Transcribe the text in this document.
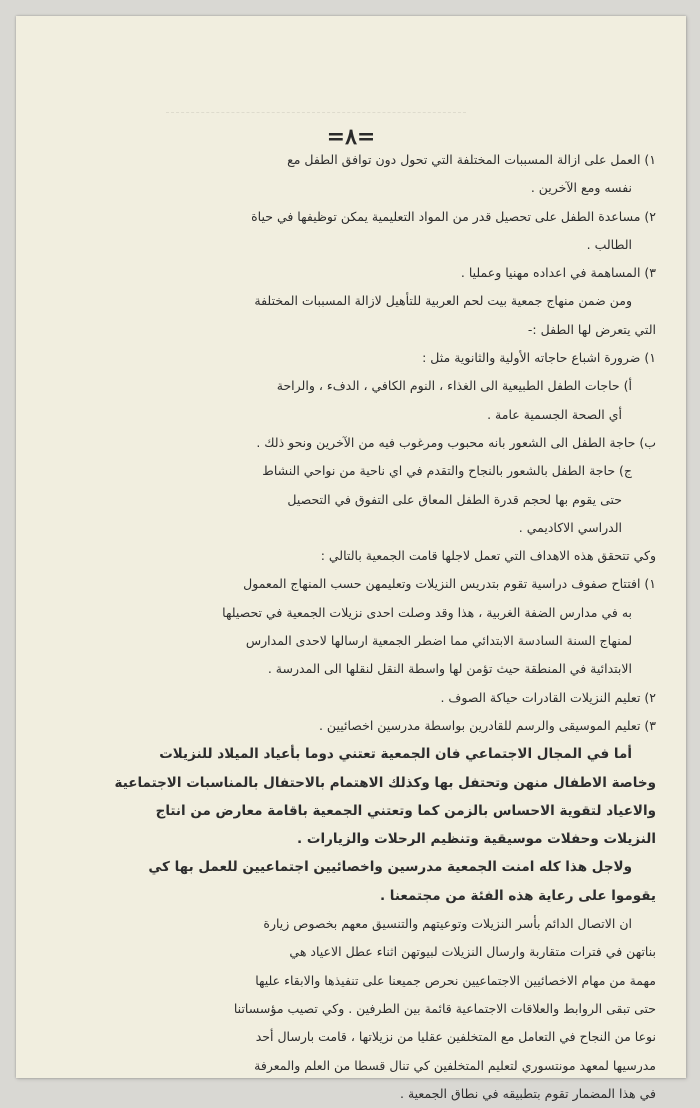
=٨=
١) العمل على ازالة المسببات المختلفة التي تحول دون توافق الطفل مع
نفسه ومع الآخرين .
٢) مساعدة الطفل على تحصيل قدر من المواد التعليمية يمكن توظيفها في حياة
الطالب .
٣) المساهمة في اعداده مهنيا وعمليا .
ومن ضمن منهاج جمعية بيت لحم العربية للتأهيل لازالة المسببات المختلفة
التي يتعرض لها الطفل :-
١) ضرورة اشباع حاجاته الأولية والثانوية مثل :
أ) حاجات الطفل الطبيعية الى الغذاء ، النوم الكافي ، الدفء ، والراحة
أي الصحة الجسمية عامة .
ب) حاجة الطفل الى الشعور بانه محبوب ومرغوب فيه من الآخرين ونحو ذلك .
ج) حاجة الطفل بالشعور بالنجاح والتقدم في اي ناحية من نواحي النشاط
حتى يقوم بها لحجم قدرة الطفل المعاق على التفوق في التحصيل
الدراسي الاكاديمي .
وكي تتحقق هذه الاهداف التي تعمل لاجلها قامت الجمعية بالتالي :
١) افتتاح صفوف دراسية تقوم بتدريس النزيلات وتعليمهن حسب المنهاج المعمول
به في مدارس الضفة الغربية ، هذا وقد وصلت احدى نزيلات الجمعية في تحصيلها
لمنهاج السنة السادسة الابتدائي مما اضطر الجمعية ارسالها لاحدى المدارس
الابتدائية في المنطقة حيث تؤمن لها واسطة النقل لنقلها الى المدرسة .
٢) تعليم النزيلات القادرات حياكة الصوف .
٣) تعليم الموسيقى والرسم للقادرين بواسطة مدرسين اخصائيين .
أما في المجال الاجتماعي فان الجمعية تعتني دوما بأعياد الميلاد للنزيلات
وخاصة الاطفال منهن وتحتفل بها وكذلك الاهتمام بالاحتفال بالمناسبات الاجتماعية
والاعياد لتقوية الاحساس بالزمن كما وتعتني الجمعية باقامة معارض من انتاج
النزيلات وحفلات موسيقية وتنظيم الرحلات والزيارات .
ولاجل هذا كله امنت الجمعية مدرسين واخصائيين اجتماعيين للعمل بها كي
يقوموا على رعاية هذه الفئة من مجتمعنا .
ان الاتصال الدائم بأسر النزيلات وتوعيتهم والتنسيق معهم بخصوص زيارة
بناتهن في فترات متقاربة وارسال النزيلات لبيوتهن اثناء عطل الاعياد هي
مهمة من مهام الاخصائيين الاجتماعيين نحرص جميعنا على تنفيذها والابقاء عليها
حتى تبقى الروابط والعلاقات الاجتماعية قائمة بين الطرفين . وكي تصيب مؤسساتنا
نوعا من النجاح في التعامل مع المتخلفين عقليا من نزيلاتها ، قامت بارسال أحد
مدرسيها لمعهد مونتسوري لتعليم المتخلفين كي تنال قسطا من العلم والمعرفة
في هذا المضمار تقوم بتطبيقه في نطاق الجمعية .
